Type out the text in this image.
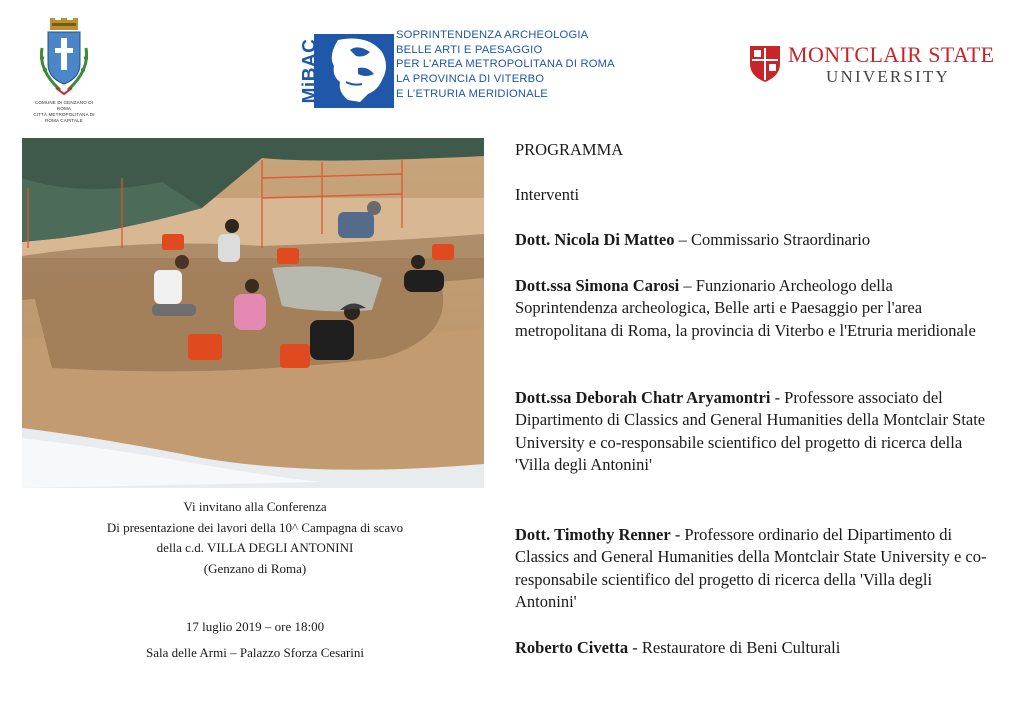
COMUNE DI GENZANO DI ROMA
CITTÀ METROPOLITANA DI ROMA CAPITALE
MiBAC
SOPRINTENDENZA ARCHEOLOGIA
BELLE ARTI E PAESAGGIO
PER L’AREA METROPOLITANA DI ROMA
LA PROVINCIA DI VITERBO
E L’ETRURIA MERIDIONALE
MONTCLAIR STATE
UNIVERSITY
Vi invitano alla Conferenza
Di presentazione dei lavori della 10^ Campagna di scavo
della c.d. VILLA DEGLI ANTONINI
(Genzano di Roma)
17 luglio 2019 – ore 18:00
Sala delle Armi – Palazzo Sforza Cesarini
PROGRAMMA
Interventi
Dott. Nicola Di Matteo – Commissario Straordinario
Dott.ssa Simona Carosi – Funzionario Archeologo della Soprintendenza archeologica, Belle arti e Paesaggio per l'area metropolitana di Roma, la provincia di Viterbo e l'Etruria meridionale
Dott.ssa Deborah Chatr Aryamontri - Professore associato del Dipartimento di Classics and General Humanities della Montclair State University e co-responsabile scientifico del progetto di ricerca della 'Villa degli Antonini'
Dott. Timothy Renner - Professore ordinario del Dipartimento di Classics and General Humanities della Montclair State University e co-responsabile scientifico del progetto di ricerca della 'Villa degli Antonini'
Roberto Civetta - Restauratore di Beni Culturali
